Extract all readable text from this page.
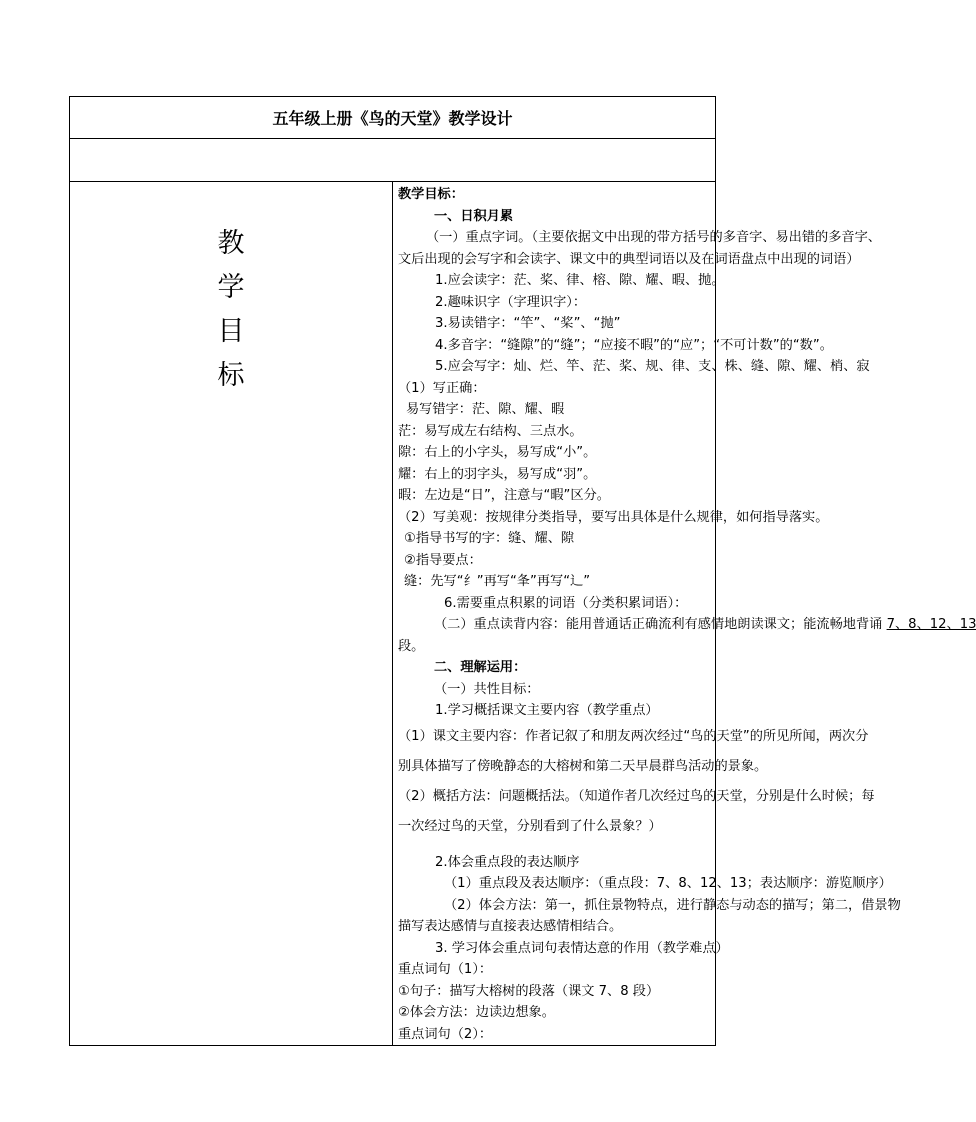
五年级上册《鸟的天堂》教学设计

教
学
目
标

教学目标：
一、日积月累
（一）重点字词。（主要依据文中出现的带方括号的多音字、易出错的多音字、
文后出现的会写字和会读字、课文中的典型词语以及在词语盘点中出现的词语）
1.应会读字：茫、桨、律、榕、隙、耀、暇、抛。
2.趣味识字（字理识字）：
3.易读错字：“竿”、“桨”、“抛”
4.多音字：“缝隙”的“缝”；“应接不暇”的“应”；“不可计数”的“数”。
5.应会写字：灿、烂、竿、茫、桨、规、律、支、株、缝、隙、耀、梢、寂
（1）写正确：
易写错字：茫、隙、耀、暇
茫：易写成左右结构、三点水。
隙：右上的小字头，易写成“小”。
耀：右上的羽字头，易写成“羽”。
暇：左边是“日”，注意与“暇”区分。
（2）写美观：按规律分类指导，要写出具体是什么规律，如何指导落实。
①指导书写的字：缝、耀、隙
②指导要点：
缝：先写“纟”再写“夆”再写“辶”
6.需要重点积累的词语（分类积累词语）：
（二）重点读背内容：能用普通话正确流利有感情地朗读课文；能流畅地背诵 7、8、12、13
段。
二、理解运用：
（一）共性目标：
1.学习概括课文主要内容（教学重点）
（1）课文主要内容：作者记叙了和朋友两次经过“鸟的天堂”的所见所闻，两次分
别具体描写了傍晚静态的大榕树和第二天早晨群鸟活动的景象。
（2）概括方法：问题概括法。（知道作者几次经过鸟的天堂，分别是什么时候；每
一次经过鸟的天堂，分别看到了什么景象？）
2.体会重点段的表达顺序
（1）重点段及表达顺序：（重点段：7、8、12、13；表达顺序：游览顺序）
（2）体会方法：第一，抓住景物特点，进行静态与动态的描写；第二，借景物
描写表达感情与直接表达感情相结合。
3. 学习体会重点词句表情达意的作用（教学难点）
重点词句（1）：
①句子：描写大榕树的段落（课文 7、8 段）
②体会方法：边读边想象。
重点词句（2）：
